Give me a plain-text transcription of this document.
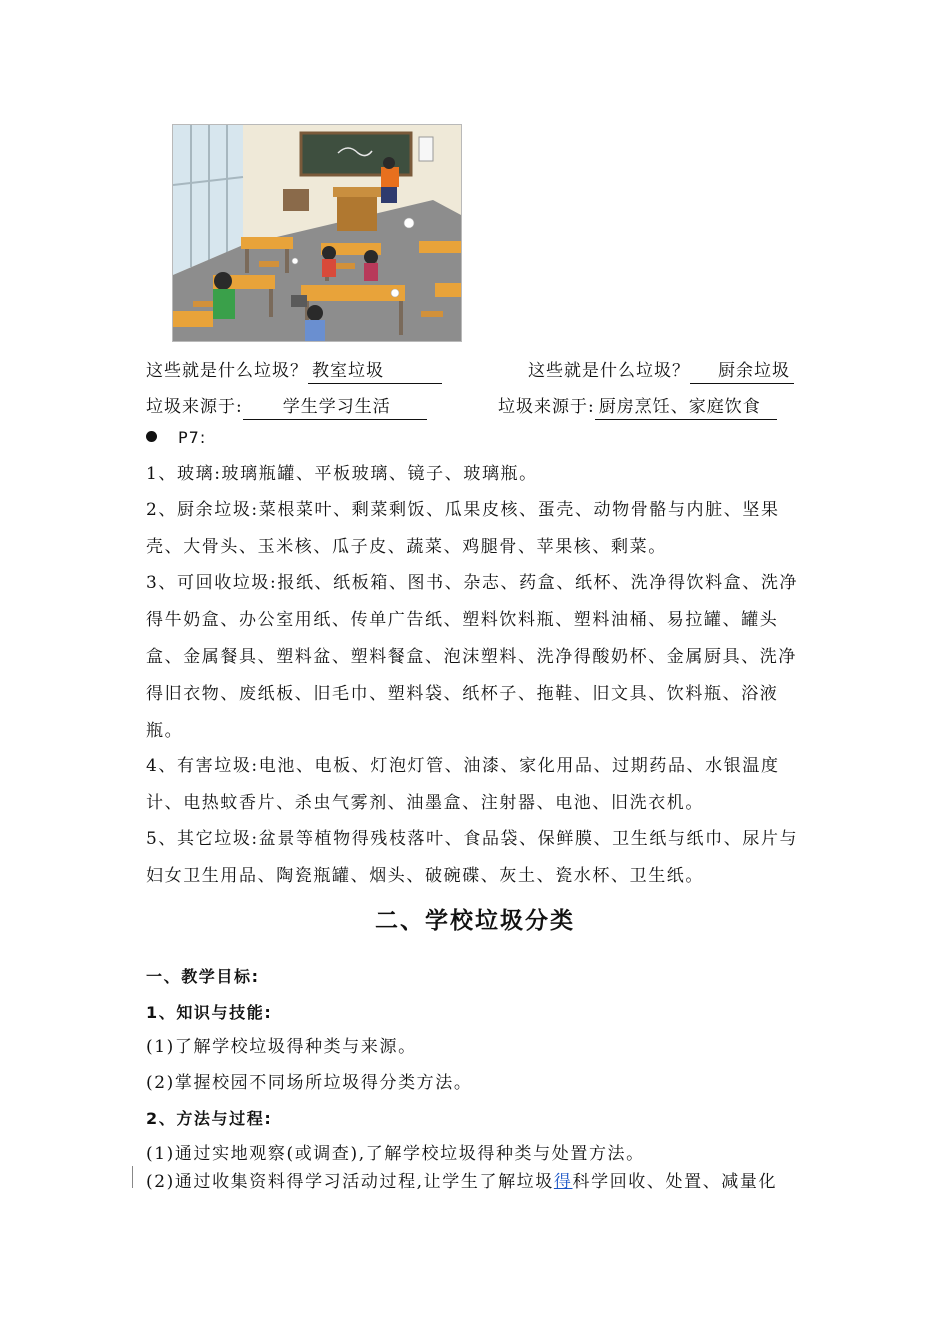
这些就是什么垃圾？ 教室垃圾	这些就是什么垃圾？ 厨余垃圾
垃圾来源于: 学生学习生活	垃圾来源于: 厨房烹饪、家庭饮食
P7:
1、玻璃:玻璃瓶罐、平板玻璃、镜子、玻璃瓶。
2、厨余垃圾:菜根菜叶、剩菜剩饭、瓜果皮核、蛋壳、动物骨骼与内脏、坚果壳、大骨头、玉米核、瓜子皮、蔬菜、鸡腿骨、苹果核、剩菜。
3、可回收垃圾:报纸、纸板箱、图书、杂志、药盒、纸杯、洗净得饮料盒、洗净得牛奶盒、办公室用纸、传单广告纸、塑料饮料瓶、塑料油桶、易拉罐、罐头盒、金属餐具、塑料盆、塑料餐盒、泡沫塑料、洗净得酸奶杯、金属厨具、洗净得旧衣物、废纸板、旧毛巾、塑料袋、纸杯子、拖鞋、旧文具、饮料瓶、浴液瓶。
4、有害垃圾:电池、电板、灯泡灯管、油漆、家化用品、过期药品、水银温度计、电热蚊香片、杀虫气雾剂、油墨盒、注射器、电池、旧洗衣机。
5、其它垃圾:盆景等植物得残枝落叶、食品袋、保鲜膜、卫生纸与纸巾、尿片与妇女卫生用品、陶瓷瓶罐、烟头、破碗碟、灰土、瓷水杯、卫生纸。
二、学校垃圾分类
一、教学目标:
1、知识与技能:
(1)了解学校垃圾得种类与来源。
(2)掌握校园不同场所垃圾得分类方法。
2、方法与过程:
(1)通过实地观察(或调查),了解学校垃圾得种类与处置方法。
(2)通过收集资料得学习活动过程,让学生了解垃圾得科学回收、处置、减量化
